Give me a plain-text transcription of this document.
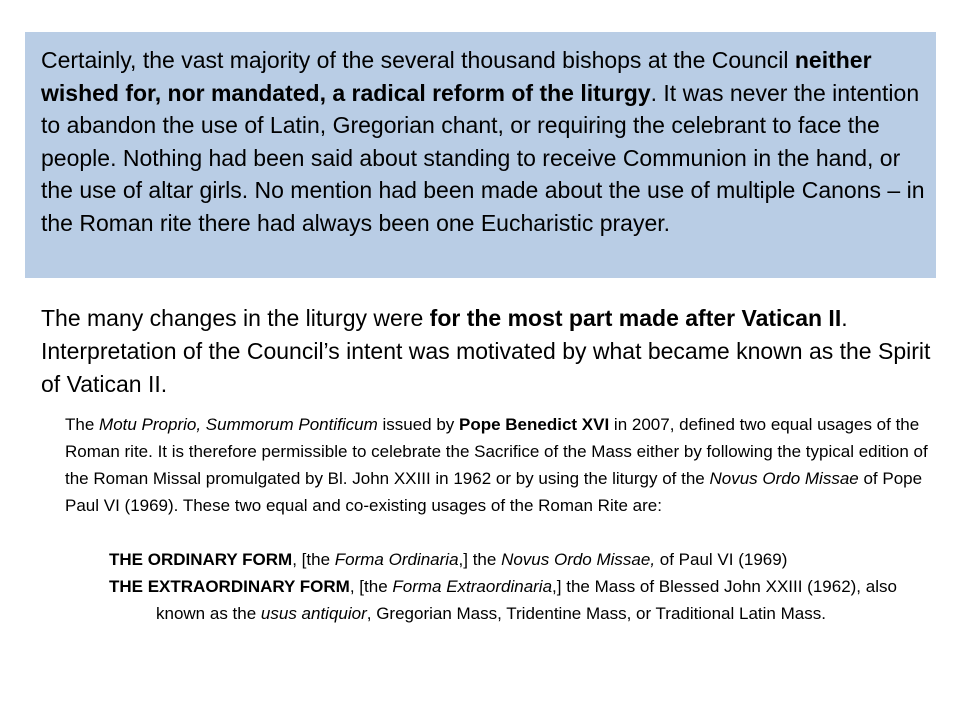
Certainly, the vast majority of the several thousand bishops at the Council neither wished for, nor mandated, a radical reform of the liturgy. It was never the intention to abandon the use of Latin, Gregorian chant, or requiring the celebrant to face the people. Nothing had been said about standing to receive Communion in the hand, or the use of altar girls. No mention had been made about the use of multiple Canons – in the Roman rite there had always been one Eucharistic prayer.
The many changes in the liturgy were for the most part made after Vatican II. Interpretation of the Council’s intent was motivated by what became known as the Spirit of Vatican II.
The Motu Proprio, Summorum Pontificum issued by Pope Benedict XVI in 2007, defined two equal usages of the Roman rite. It is therefore permissible to celebrate the Sacrifice of the Mass either by following the typical edition of the Roman Missal promulgated by Bl. John XXIII in 1962 or by using the liturgy of the Novus Ordo Missae of Pope Paul VI (1969). These two equal and co-existing usages of the Roman Rite are:
THE ORDINARY FORM, [the Forma Ordinaria,] the Novus Ordo Missae, of Paul VI (1969)
THE EXTRAORDINARY FORM, [the Forma Extraordinaria,] the Mass of Blessed John XXIII (1962), also known as the usus antiquior, Gregorian Mass, Tridentine Mass, or Traditional Latin Mass.
